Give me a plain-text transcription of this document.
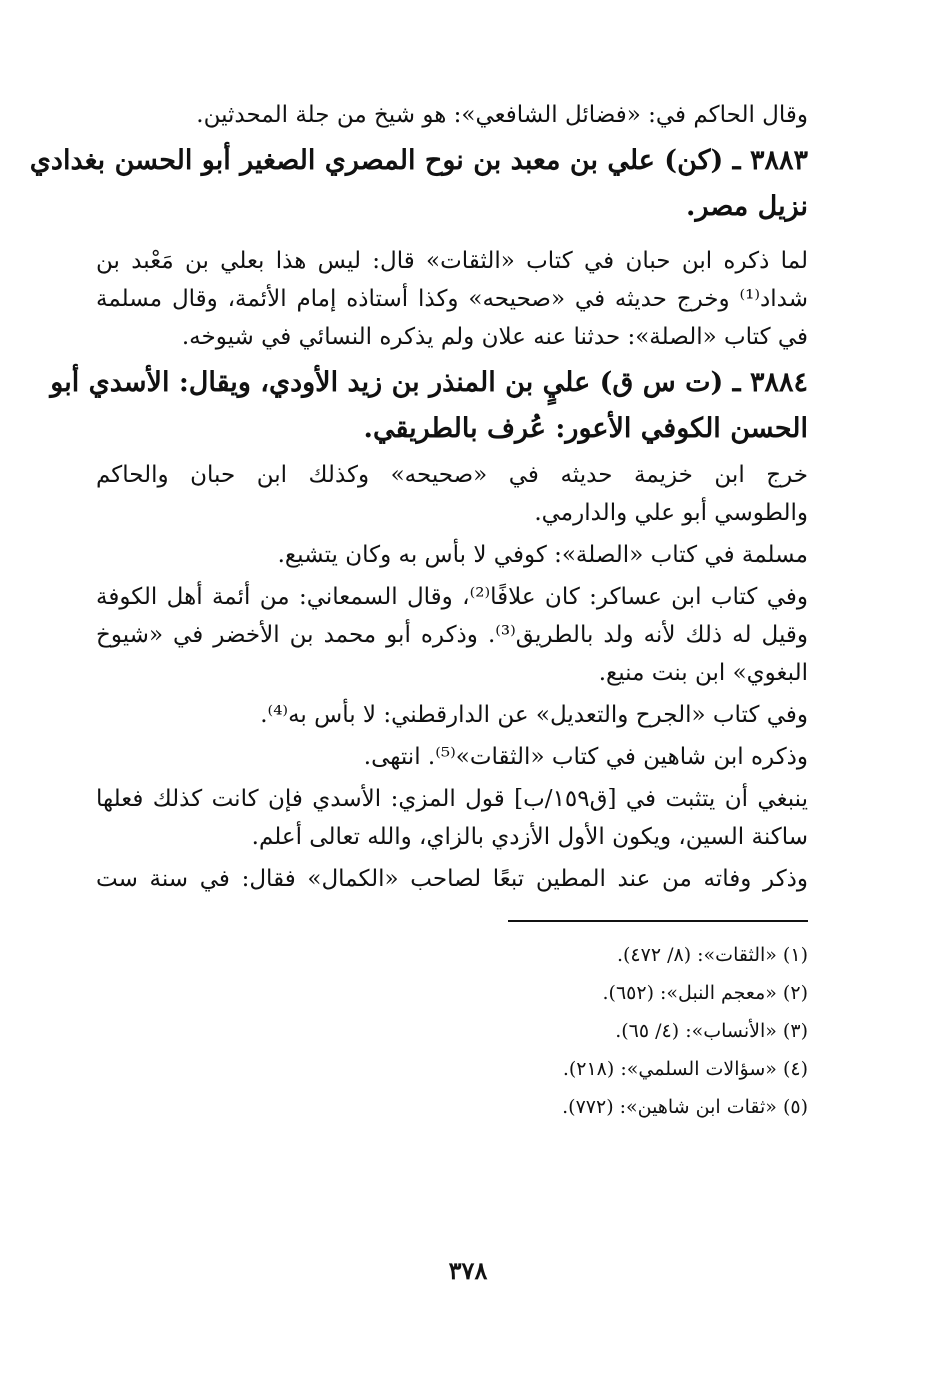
وقال الحاكم في: «فضائل الشافعي»: هو شيخ من جلة المحدثين.
٣٨٨٣ ـ (كن) علي بن معبد بن نوح المصري الصغير أبو الحسن بغدادي
نزيل مصر.
لما ذكره ابن حبان في كتاب «الثقات» قال: ليس هذا بعلي بن مَعْبد بن
شداد⁽¹⁾ وخرج حديثه في «صحيحه» وكذا أستاذه إمام الأئمة، وقال مسلمة
في كتاب «الصلة»: حدثنا عنه علان ولم يذكره النسائي في شيوخه.
٣٨٨٤ ـ (ت س ق) عليٍ بن المنذر بن زيد الأودي، ويقال: الأسدي أبو
الحسن الكوفي الأعور: عُرف بالطريقي.
خرج ابن خزيمة حديثه في «صحيحه» وكذلك ابن حبان والحاكم
والطوسي أبو علي والدارمي.
مسلمة في كتاب «الصلة»: كوفي لا بأس به وكان يتشيع.
وفي كتاب ابن عساكر: كان علافًا⁽²⁾، وقال السمعاني: من أئمة أهل الكوفة
وقيل له ذلك لأنه ولد بالطريق⁽³⁾. وذكره أبو محمد بن الأخضر في «شيوخ
البغوي» ابن بنت منيع.
وفي كتاب «الجرح والتعديل» عن الدارقطني: لا بأس به⁽⁴⁾.
وذكره ابن شاهين في كتاب «الثقات»⁽⁵⁾. انتهى.
ينبغي أن يتثبت في [ق١٥٩/ب] قول المزي: الأسدي فإن كانت كذلك فعلها
ساكنة السين، ويكون الأول الأزدي بالزاي، والله تعالى أعلم.
وذكر وفاته من عند المطين تبعًا لصاحب «الكمال» فقال: في سنة ست
(١) «الثقات»: (٨/ ٤٧٢).
(٢) «معجم النبل»: (٦٥٢).
(٣) «الأنساب»: (٤/ ٦٥).
(٤) «سؤالات السلمي»: (٢١٨).
(٥) «ثقات ابن شاهين»: (٧٧٢).
٣٧٨
